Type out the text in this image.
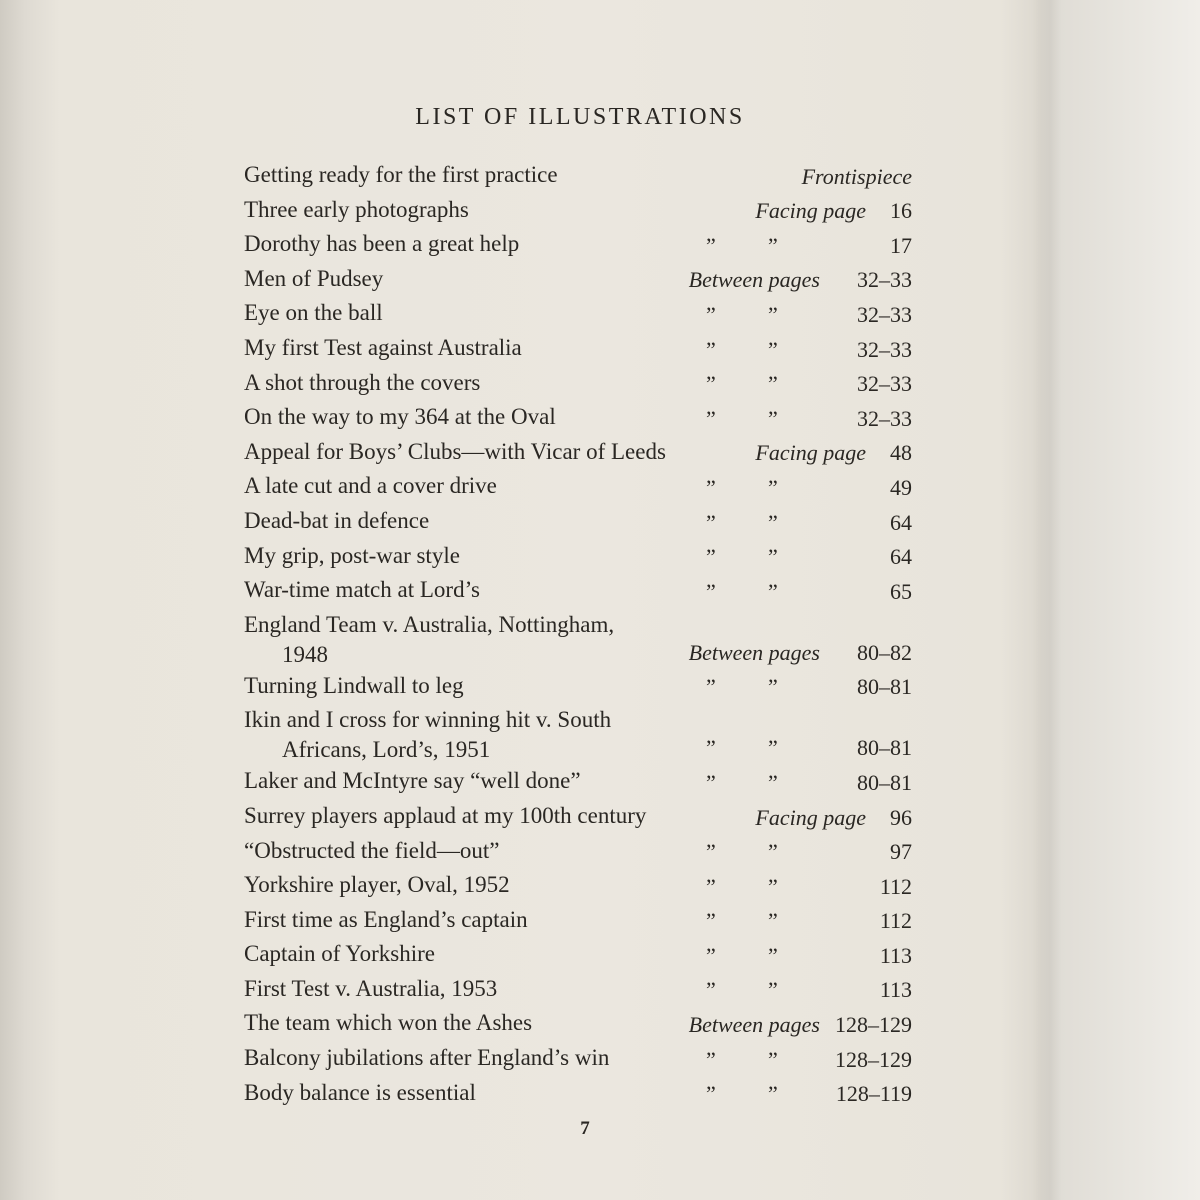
LIST OF ILLUSTRATIONS
Getting ready for the first practice	Frontispiece
Three early photographs	Facing page 16
Dorothy has been a great help	” ”	17
Men of Pudsey	Between pages 32–33
Eye on the ball	” ”	32–33
My first Test against Australia	” ”	32–33
A shot through the covers	” ”	32–33
On the way to my 364 at the Oval	” ”	32–33
Appeal for Boys’ Clubs—with Vicar of Leeds	Facing page 48
A late cut and a cover drive	” ”	49
Dead-bat in defence	” ”	64
My grip, post-war style	” ”	64
War-time match at Lord’s	” ”	65
England Team v. Australia, Nottingham,
1948	Between pages 80–82
Turning Lindwall to leg	” ”	80–81
Ikin and I cross for winning hit v. South
Africans, Lord’s, 1951	” ”	80–81
Laker and McIntyre say “well done”	” ”	80–81
Surrey players applaud at my 100th century	Facing page 96
“Obstructed the field—out”	” ”	97
Yorkshire player, Oval, 1952	” ”	112
First time as England’s captain	” ”	112
Captain of Yorkshire	” ”	113
First Test v. Australia, 1953	” ”	113
The team which won the Ashes	Between pages 128–129
Balcony jubilations after England’s win	” ”	128–129
Body balance is essential	” ”	128–119
7
